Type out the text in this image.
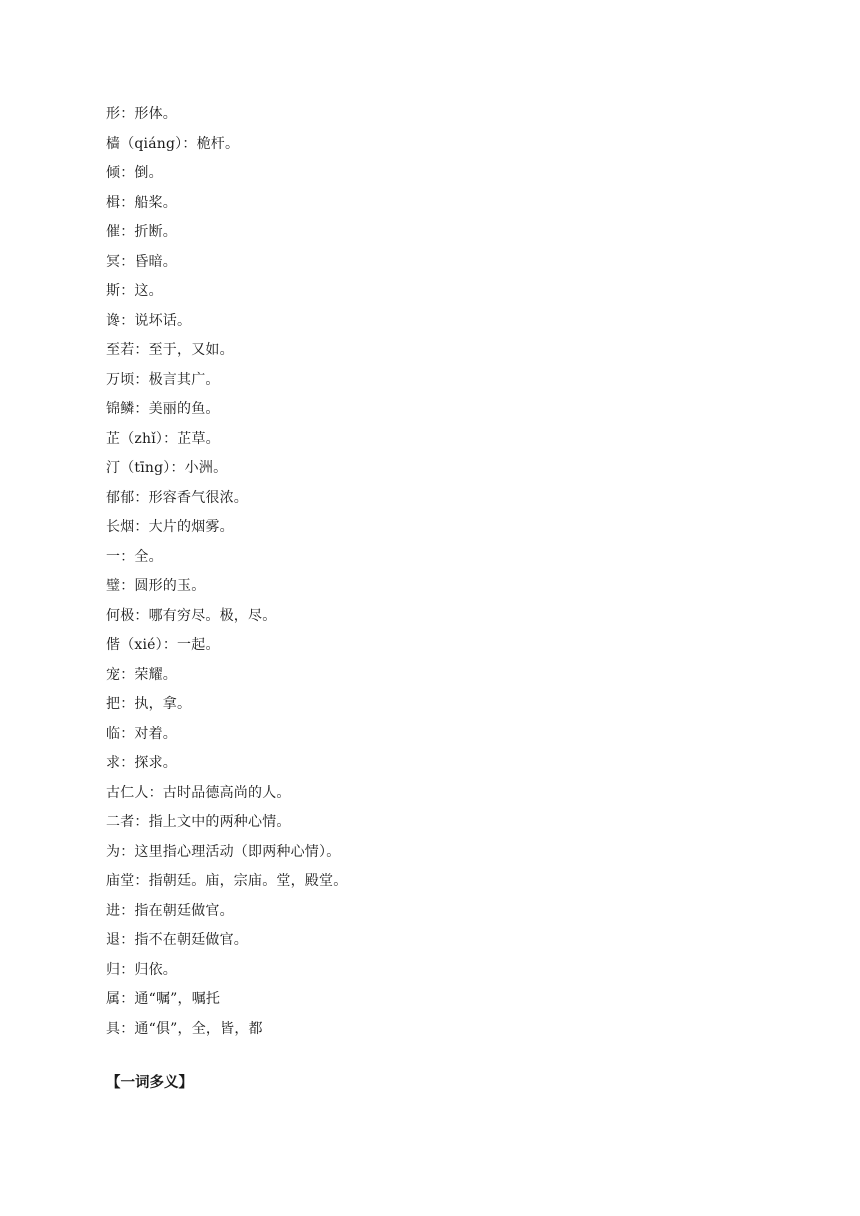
形：形体。
樯（qiáng）：桅杆。
倾：倒。
楫：船桨。
催：折断。
冥：昏暗。
斯：这。
谗：说坏话。
至若：至于，又如。
万顷：极言其广。
锦鳞：美丽的鱼。
芷（zhǐ）：芷草。
汀（tīng）：小洲。
郁郁：形容香气很浓。
长烟：大片的烟雾。
一：全。
璧：圆形的玉。
何极：哪有穷尽。极，尽。
偕（xié）：一起。
宠：荣耀。
把：执，拿。
临：对着。
求：探求。
古仁人：古时品德高尚的人。
二者：指上文中的两种心情。
为：这里指心理活动（即两种心情）。
庙堂：指朝廷。庙，宗庙。堂，殿堂。
进：指在朝廷做官。
退：指不在朝廷做官。
归：归依。
属：通“嘱”，嘱托
具：通“俱”，全，皆，都
【一词多义】
